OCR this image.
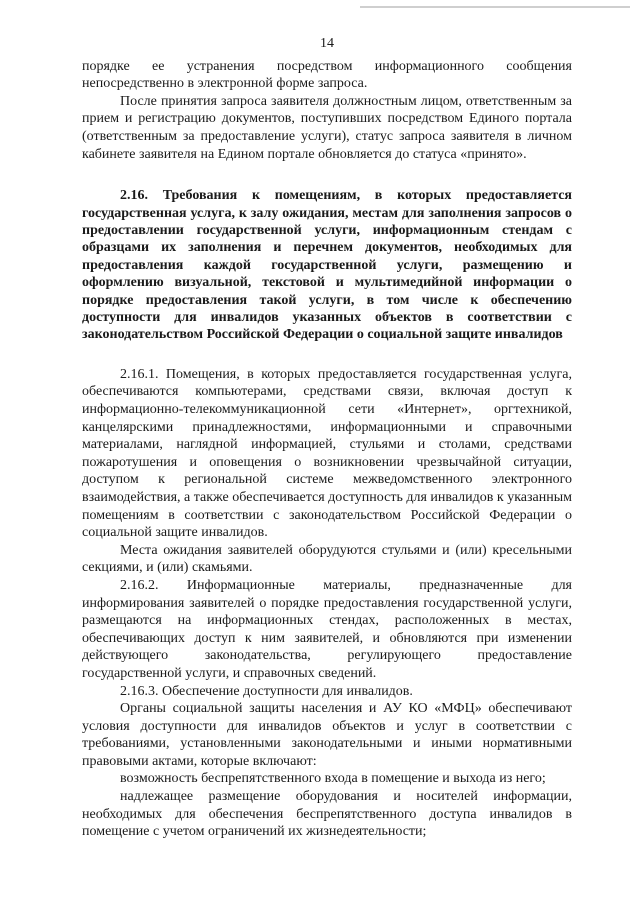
14

порядке ее устранения посредством информационного сообщения непосредственно в электронной форме запроса.

После принятия запроса заявителя должностным лицом, ответственным за прием и регистрацию документов, поступивших посредством Единого портала (ответственным за предоставление услуги), статус запроса заявителя в личном кабинете заявителя на Едином портале обновляется до статуса «принято».

2.16. Требования к помещениям, в которых предоставляется государственная услуга, к залу ожидания, местам для заполнения запросов о предоставлении государственной услуги, информационным стендам с образцами их заполнения и перечнем документов, необходимых для предоставления каждой государственной услуги, размещению и оформлению визуальной, текстовой и мультимедийной информации о порядке предоставления такой услуги, в том числе к обеспечению доступности для инвалидов указанных объектов в соответствии с законодательством Российской Федерации о социальной защите инвалидов

2.16.1. Помещения, в которых предоставляется государственная услуга, обеспечиваются компьютерами, средствами связи, включая доступ к информационно-телекоммуникационной сети «Интернет», оргтехникой, канцелярскими принадлежностями, информационными и справочными материалами, наглядной информацией, стульями и столами, средствами пожаротушения и оповещения о возникновении чрезвычайной ситуации, доступом к региональной системе межведомственного электронного взаимодействия, а также обеспечивается доступность для инвалидов к указанным помещениям в соответствии с законодательством Российской Федерации о социальной защите инвалидов.

Места ожидания заявителей оборудуются стульями и (или) кресельными секциями, и (или) скамьями.

2.16.2. Информационные материалы, предназначенные для информирования заявителей о порядке предоставления государственной услуги, размещаются на информационных стендах, расположенных в местах, обеспечивающих доступ к ним заявителей, и обновляются при изменении действующего законодательства, регулирующего предоставление государственной услуги, и справочных сведений.

2.16.3. Обеспечение доступности для инвалидов.

Органы социальной защиты населения и АУ КО «МФЦ» обеспечивают условия доступности для инвалидов объектов и услуг в соответствии с требованиями, установленными законодательными и иными нормативными правовыми актами, которые включают:

возможность беспрепятственного входа в помещение и выхода из него;

надлежащее размещение оборудования и носителей информации, необходимых для обеспечения беспрепятственного доступа инвалидов в помещение с учетом ограничений их жизнедеятельности;
